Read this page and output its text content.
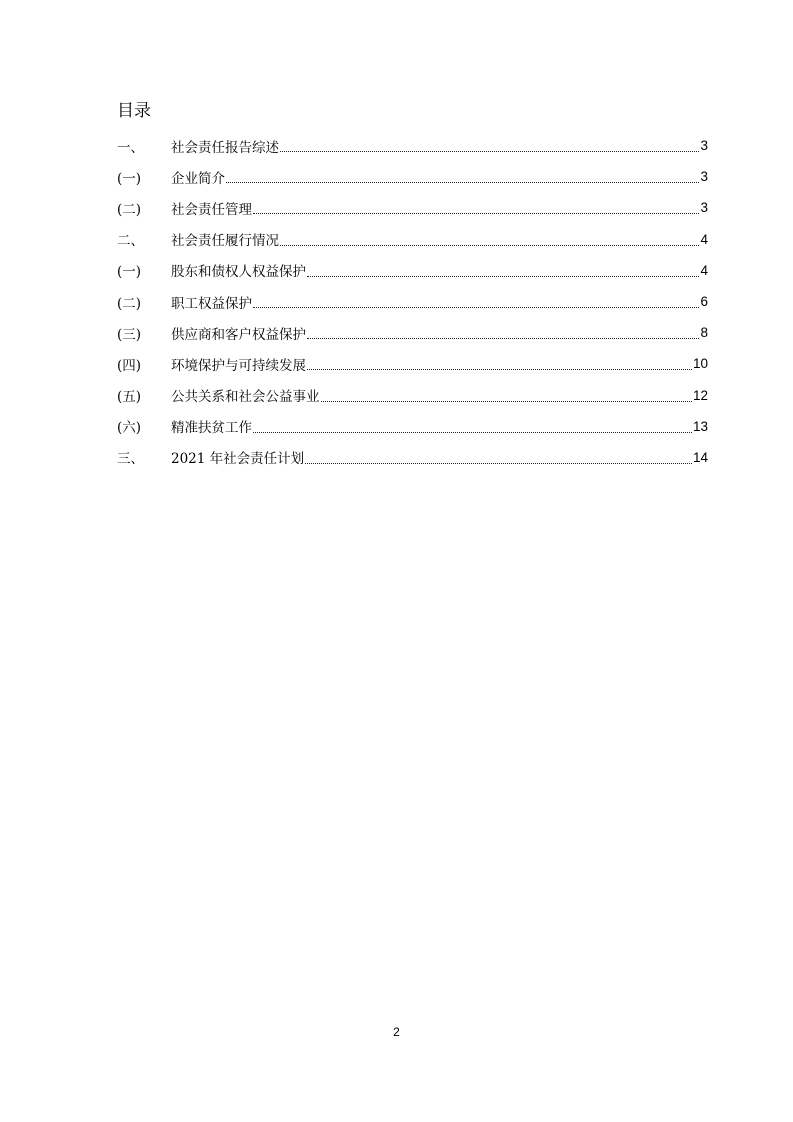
目录
一、	社会责任报告综述	3
(一)	企业简介	3
(二)	社会责任管理	3
二、	社会责任履行情况	4
(一)	股东和债权人权益保护	4
(二)	职工权益保护	6
(三)	供应商和客户权益保护	8
(四)	环境保护与可持续发展	10
(五)	公共关系和社会公益事业	12
(六)	精准扶贫工作	13
三、	2021 年社会责任计划	14
2
